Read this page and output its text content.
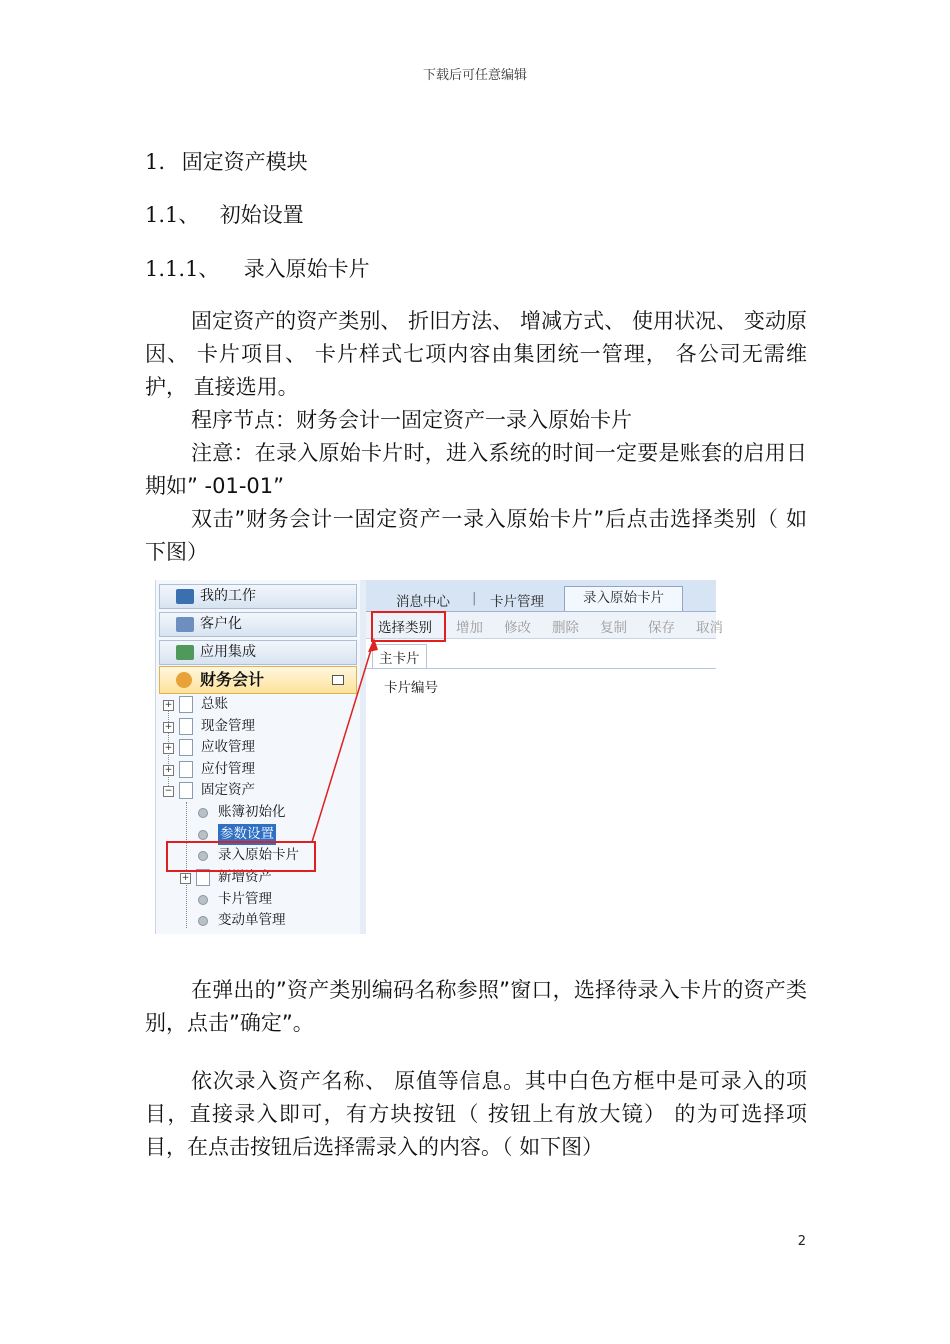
下载后可任意编辑
1. 固定资产模块
1.1、 初始设置
1.1.1、 录入原始卡片

固定资产的资产类别、 折旧方法、 增减方式、 使用状况、 变动原因、 卡片项目、 卡片样式七项内容由集团统一管理， 各公司无需维护， 直接选用。

程序节点：财务会计一固定资产一录入原始卡片

注意：在录入原始卡片时，进入系统的时间一定要是账套的启用日期如” -01-01”

双击”财务会计一固定资产一录入原始卡片”后点击选择类别（ 如下图）

我的工作
客户化
应用集成
财务会计
+ 总账
+ 现金管理
+ 应收管理
+ 应付管理
− 固定资产
账簿初始化
参数设置
录入原始卡片
+ 新增资产
卡片管理
变动单管理
消息中心 | 卡片管理	录入原始卡片
选择类别 增加 修改 删除 复制 保存 取消
主卡片
卡片编号

在弹出的”资产类别编码名称参照”窗口，选择待录入卡片的资产类别，点击”确定”。

依次录入资产名称、 原值等信息。其中白色方框中是可录入的项目，直接录入即可，有方块按钮（ 按钮上有放大镜） 的为可选择项目，在点击按钮后选择需录入的内容。（ 如下图）

2
